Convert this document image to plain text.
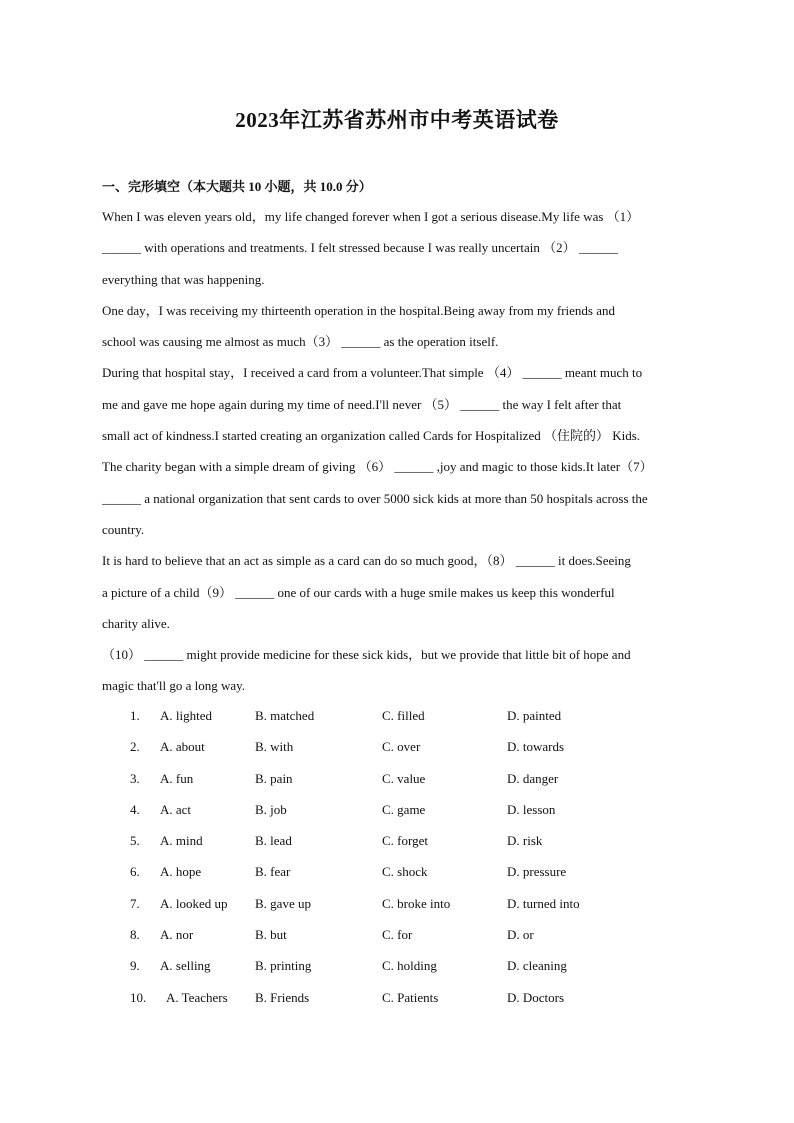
2023年江苏省苏州市中考英语试卷
一、完形填空（本大题共 10 小题，共 10.0 分）
When I was eleven years old，my life changed forever when I got a serious disease.My life was （1）
______ with operations and treatments. I felt stressed because I was really uncertain （2） ______
everything that was happening.
One day，I was receiving my thirteenth operation in the hospital.Being away from my friends and
school was causing me almost as much（3） ______ as the operation itself.
During that hospital stay，I received a card from a volunteer.That simple （4） ______ meant much to
me and gave me hope again during my time of need.I'll never （5） ______ the way I felt after that
small act of kindness.I started creating an organization called Cards for Hospitalized （住院的） Kids.
The charity began with a simple dream of giving （6） ______ ,joy and magic to those kids.It later（7）
______ a national organization that sent cards to over 5000 sick kids at more than 50 hospitals across the
country.
It is hard to believe that an act as simple as a card can do so much good，（8） ______ it does.Seeing
a picture of a child（9） ______ one of our cards with a huge smile makes us keep this wonderful
charity alive.
（10） ______ might provide medicine for these sick kids，but we provide that little bit of hope and
magic that'll go a long way.
1. A. lighted	B. matched	C. filled	D. painted
2. A. about	B. with	C. over	D. towards
3. A. fun	B. pain	C. value	D. danger
4. A. act	B. job	C. game	D. lesson
5. A. mind	B. lead	C. forget	D. risk
6. A. hope	B. fear	C. shock	D. pressure
7. A. looked up B. gave up	C. broke into	D. turned into
8. A. nor	B. but	C. for	D. or
9. A. selling	B. printing	C. holding	D. cleaning
10. A. Teachers B. Friends	C. Patients	D. Doctors
